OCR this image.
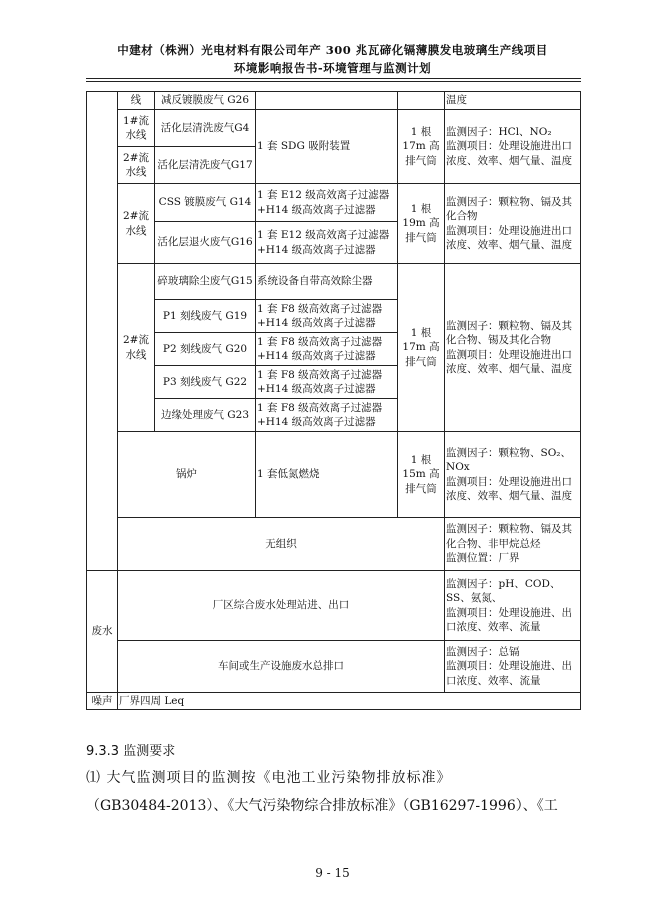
中建材（株洲）光电材料有限公司年产 300 兆瓦碲化镉薄膜发电玻璃生产线项目
环境影响报告书-环境管理与监测计划
	线	减反镀膜废气 G26			温度
	1#流水线	活化层清洗废气G4	1 套 SDG 吸附装置	1 根 17m 高排气筒	监测因子：HCl、NO₂
监测项目：处理设施进出口浓度、效率、烟气量、温度
	2#流水线	活化层清洗废气G17			
	2#流水线	CSS 镀膜废气 G14	1 套 E12 级高效离子过滤器+H14 级高效离子过滤器	1 根 19m 高排气筒	监测因子：颗粒物、镉及其化合物
监测项目：处理设施进出口浓度、效率、烟气量、温度
		活化层退火废气G16	1 套 E12 级高效离子过滤器+H14 级高效离子过滤器		
	2#流水线	碎玻璃除尘废气G15	系统设备自带高效除尘器	1 根 17m 高排气筒	监测因子：颗粒物、镉及其化合物、锡及其化合物
监测项目：处理设施进出口浓度、效率、烟气量、温度
		P1 刻线废气 G19	1 套 F8 级高效离子过滤器+H14 级高效离子过滤器		
		P2 刻线废气 G20	1 套 F8 级高效离子过滤器+H14 级高效离子过滤器		
		P3 刻线废气 G22	1 套 F8 级高效离子过滤器+H14 级高效离子过滤器		
		边缘处理废气 G23	1 套 F8 级高效离子过滤器+H14 级高效离子过滤器		
	锅炉		1 套低氮燃烧	1 根 15m 高排气筒	监测因子：颗粒物、SO₂、NOx
监测项目：处理设施进出口浓度、效率、烟气量、温度
	无组织				监测因子：颗粒物、镉及其化合物、非甲烷总烃
监测位置：厂界
废水	厂区综合废水处理站进、出口				监测因子：pH、COD、SS、氨氮、
监测项目：处理设施进、出口浓度、效率、流量
	车间或生产设施废水总排口				监测因子：总镉
监测项目：处理设施进、出口浓度、效率、流量
噪声	厂界四周 Leq				
9.3.3 监测要求
⑴ 大气监测项目的监测按《电池工业污染物排放标准》
（GB30484-2013）、《大气污染物综合排放标准》（GB16297-1996）、《工
9 - 15
